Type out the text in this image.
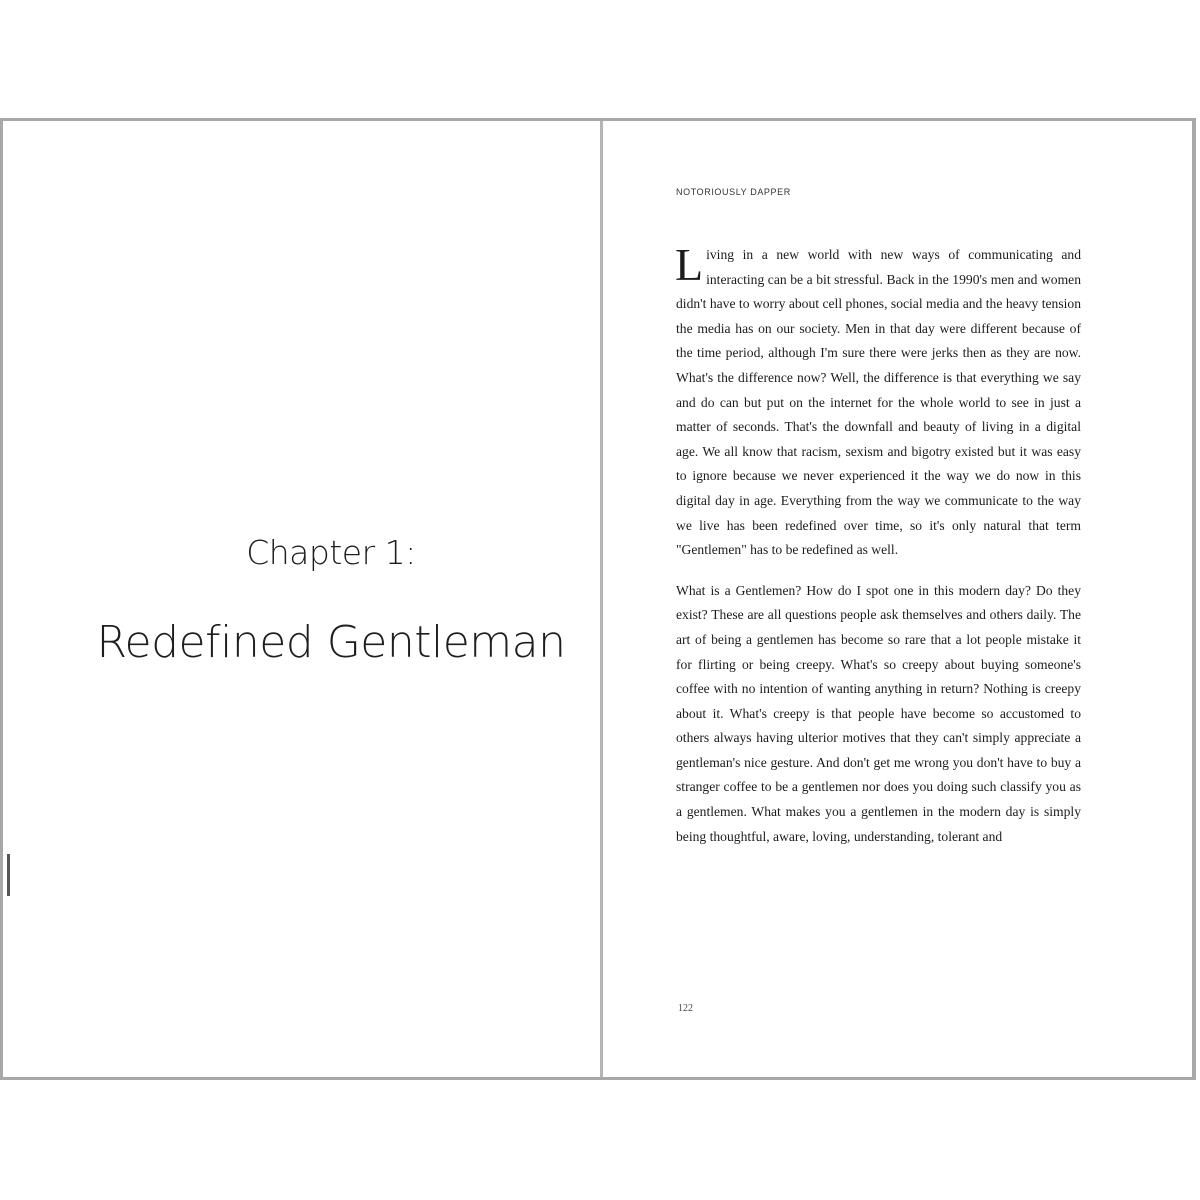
Chapter 1:
Redefined Gentleman
NOTORIOUSLY DAPPER

Living in a new world with new ways of communicating and interacting can be a bit stressful. Back in the 1990's men and women didn't have to worry about cell phones, social media and the heavy tension the media has on our society. Men in that day were different because of the time period, although I'm sure there were jerks then as they are now. What's the difference now? Well, the difference is that everything we say and do can but put on the internet for the whole world to see in just a matter of seconds. That's the downfall and beauty of living in a digital age. We all know that racism, sexism and bigotry existed but it was easy to ignore because we never experienced it the way we do now in this digital day in age. Everything from the way we communicate to the way we live has been redefined over time, so it's only natural that term "Gentlemen" has to be redefined as well.

What is a Gentlemen? How do I spot one in this modern day? Do they exist? These are all questions people ask themselves and others daily. The art of being a gentlemen has become so rare that a lot people mistake it for flirting or being creepy. What's so creepy about buying someone's coffee with no intention of wanting anything in return? Nothing is creepy about it. What's creepy is that people have become so accustomed to others always having ulterior motives that they can't simply appreciate a gentleman's nice gesture. And don't get me wrong you don't have to buy a stranger coffee to be a gentlemen nor does you doing such classify you as a gentlemen. What makes you a gentlemen in the modern day is simply being thoughtful, aware, loving, understanding, tolerant and

122
